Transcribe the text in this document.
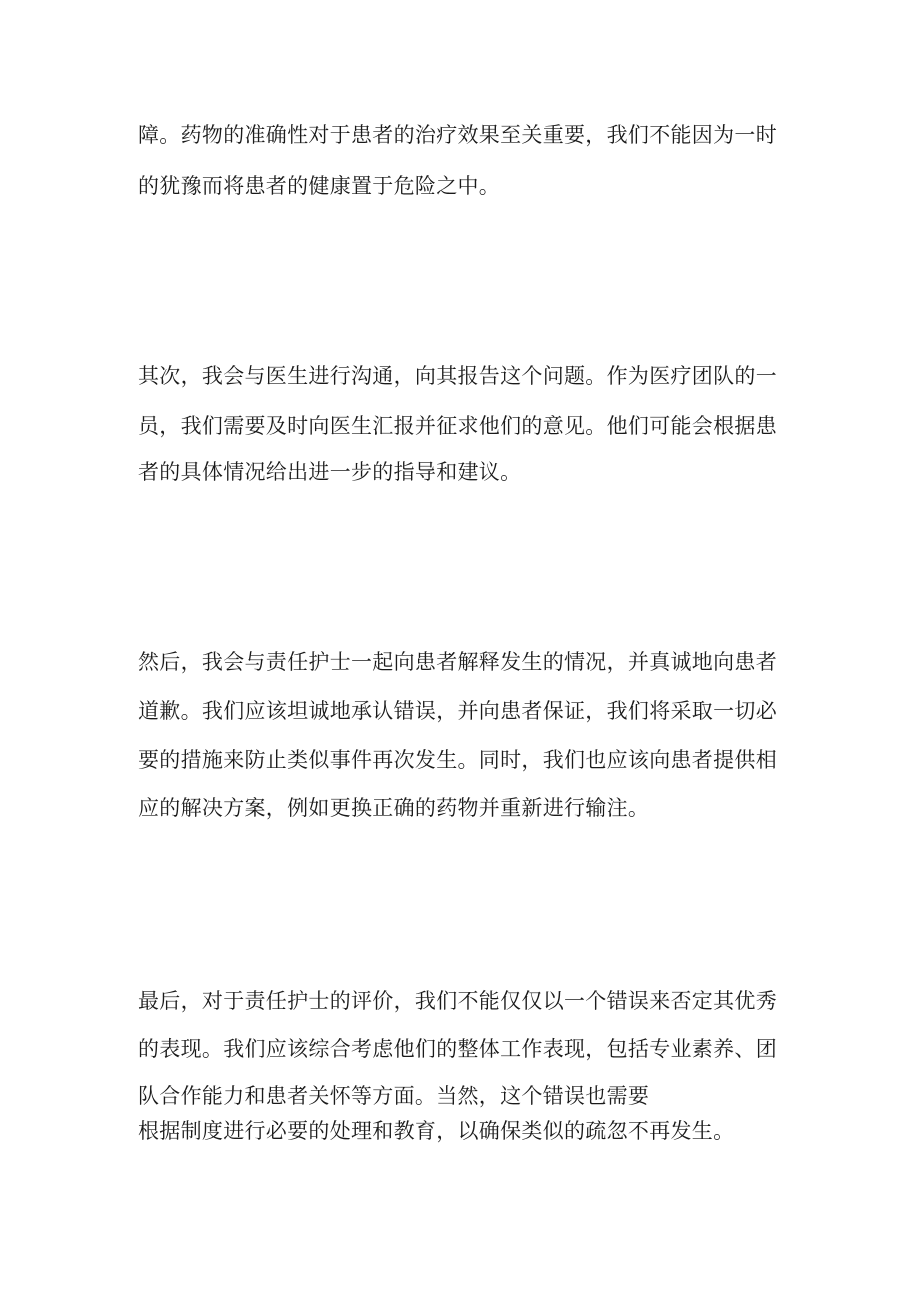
障。药物的准确性对于患者的治疗效果至关重要，我们不能因为一时
的犹豫而将患者的健康置于危险之中。
其次，我会与医生进行沟通，向其报告这个问题。作为医疗团队的一
员，我们需要及时向医生汇报并征求他们的意见。他们可能会根据患
者的具体情况给出进一步的指导和建议。
然后，我会与责任护士一起向患者解释发生的情况，并真诚地向患者
道歉。我们应该坦诚地承认错误，并向患者保证，我们将采取一切必
要的措施来防止类似事件再次发生。同时，我们也应该向患者提供相
应的解决方案，例如更换正确的药物并重新进行输注。
最后，对于责任护士的评价，我们不能仅仅以一个错误来否定其优秀
的表现。我们应该综合考虑他们的整体工作表现，包括专业素养、团
队合作能力和患者关怀等方面。当然，这个错误也需要
根据制度进行必要的处理和教育，以确保类似的疏忽不再发生。
